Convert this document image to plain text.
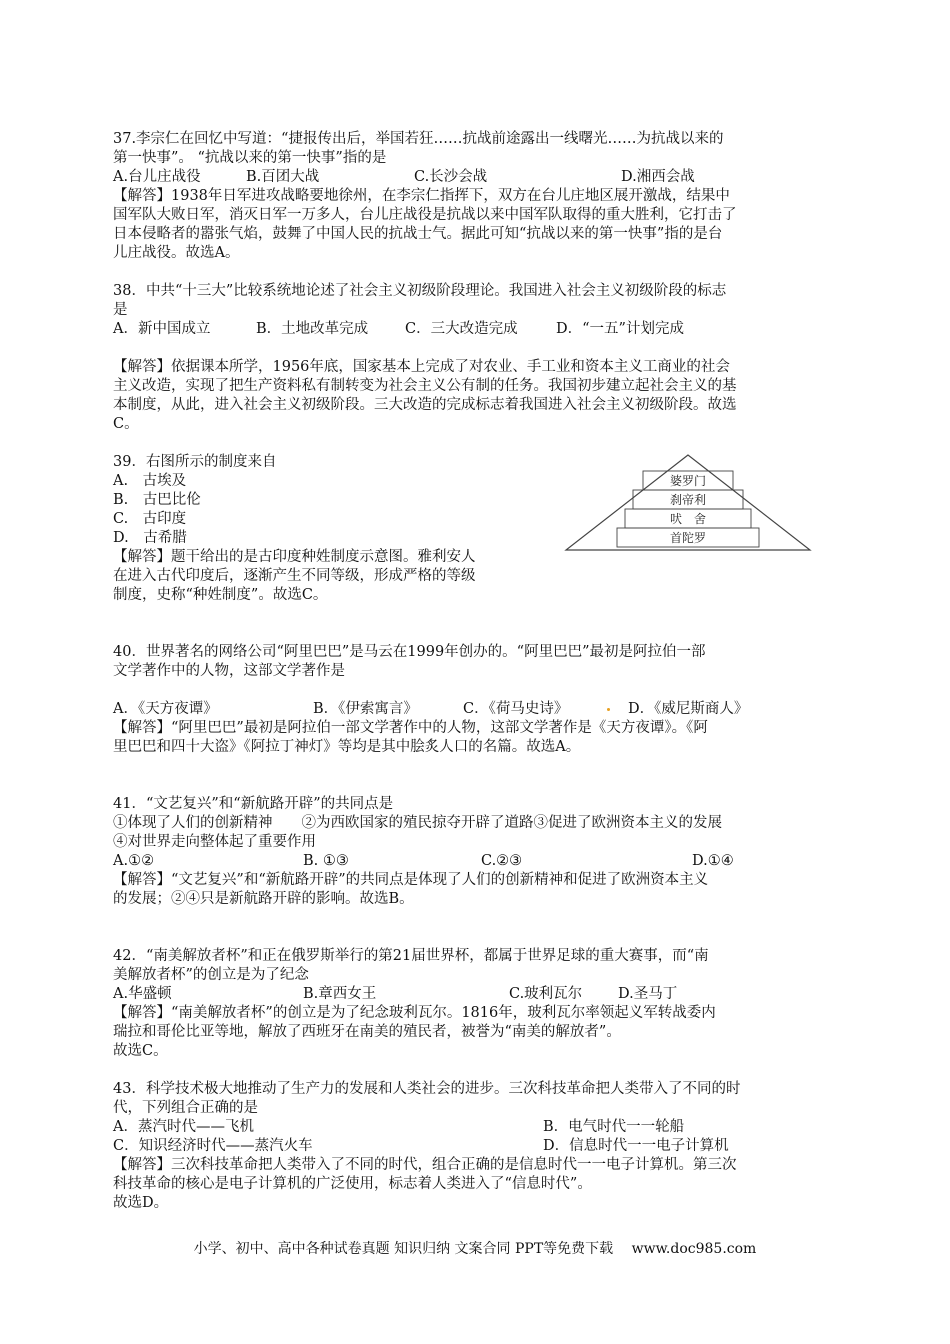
37.李宗仁在回忆中写道：“捷报传出后，举国若狂……抗战前途露出一线曙光……为抗战以来的
第一快事”。 “抗战以来的第一快事”指的是
A.台儿庄战役	B.百团大战	C.长沙会战	D.湘西会战
【解答】1938年日军进攻战略要地徐州，在李宗仁指挥下，双方在台儿庄地区展开激战，结果中
国军队大败日军，消灭日军一万多人，台儿庄战役是抗战以来中国军队取得的重大胜利，它打击了
日本侵略者的嚣张气焰，鼓舞了中国人民的抗战士气。据此可知“抗战以来的第一快事”指的是台
儿庄战役。故选A。
38．中共“十三大”比较系统地论述了社会主义初级阶段理论。我国进入社会主义初级阶段的标志
是
A．新中国成立	B．土地改革完成	C．三大改造完成	D．“一五”计划完成
【解答】依据课本所学，1956年底，国家基本上完成了对农业、手工业和资本主义工商业的社会
主义改造，实现了把生产资料私有制转变为社会主义公有制的任务。我国初步建立起社会主义的基
本制度，从此，进入社会主义初级阶段。三大改造的完成标志着我国进入社会主义初级阶段。故选
C。
39．右图所示的制度来自
A.　古埃及
B.　古巴比伦
C.　古印度
D.　古希腊
【解答】题干给出的是古印度种姓制度示意图。雅利安人
在进入古代印度后，逐渐产生不同等级，形成严格的等级
制度，史称“种姓制度”。故选C。
婆罗门
刹帝利
吠　舍
首陀罗
40．世界著名的网络公司“阿里巴巴”是马云在1999年创办的。“阿里巴巴”最初是阿拉伯一部
文学著作中的人物，这部文学著作是
A．《天方夜谭》	B．《伊索寓言》	C．《荷马史诗》	D．《威尼斯商人》
【解答】“阿里巴巴”最初是阿拉伯一部文学著作中的人物，这部文学著作是《天方夜谭》。《阿
里巴巴和四十大盗》《阿拉丁神灯》等均是其中脍炙人口的名篇。故选A。
41．“文艺复兴”和“新航路开辟”的共同点是
①体现了人们的创新精神　　②为西欧国家的殖民掠夺开辟了道路③促进了欧洲资本主义的发展
④对世界走向整体起了重要作用
A.①②	B. ①③	C.②③	D.①④
【解答】“文艺复兴”和“新航路开辟”的共同点是体现了人们的创新精神和促进了欧洲资本主义
的发展；②④只是新航路开辟的影响。故选B。
42．“南美解放者杯”和正在俄罗斯举行的第21届世界杯，都属于世界足球的重大赛事，而“南
美解放者杯”的创立是为了纪念
A.华盛顿	B.章西女王	C.玻利瓦尔 D.圣马丁
【解答】“南美解放者杯”的创立是为了纪念玻利瓦尔。1816年，玻利瓦尔率领起义军转战委内
瑞拉和哥伦比亚等地，解放了西班牙在南美的殖民者，被誉为“南美的解放者”。
故选C。
43．科学技术极大地推动了生产力的发展和人类社会的进步。三次科技革命把人类带入了不同的时
代，下列组合正确的是
A．蒸汽时代——飞机	B．电气时代一一轮船
C．知识经济时代——蒸汽火车	D．信息时代一一电子计算机
【解答】三次科技革命把人类带入了不同的时代，组合正确的是信息时代一一电子计算机。第三次
科技革命的核心是电子计算机的广泛使用，标志着人类进入了“信息时代”。
故选D。
小学、初中、高中各种试卷真题 知识归纳 文案合同 PPT等免费下载　 www.doc985.com
